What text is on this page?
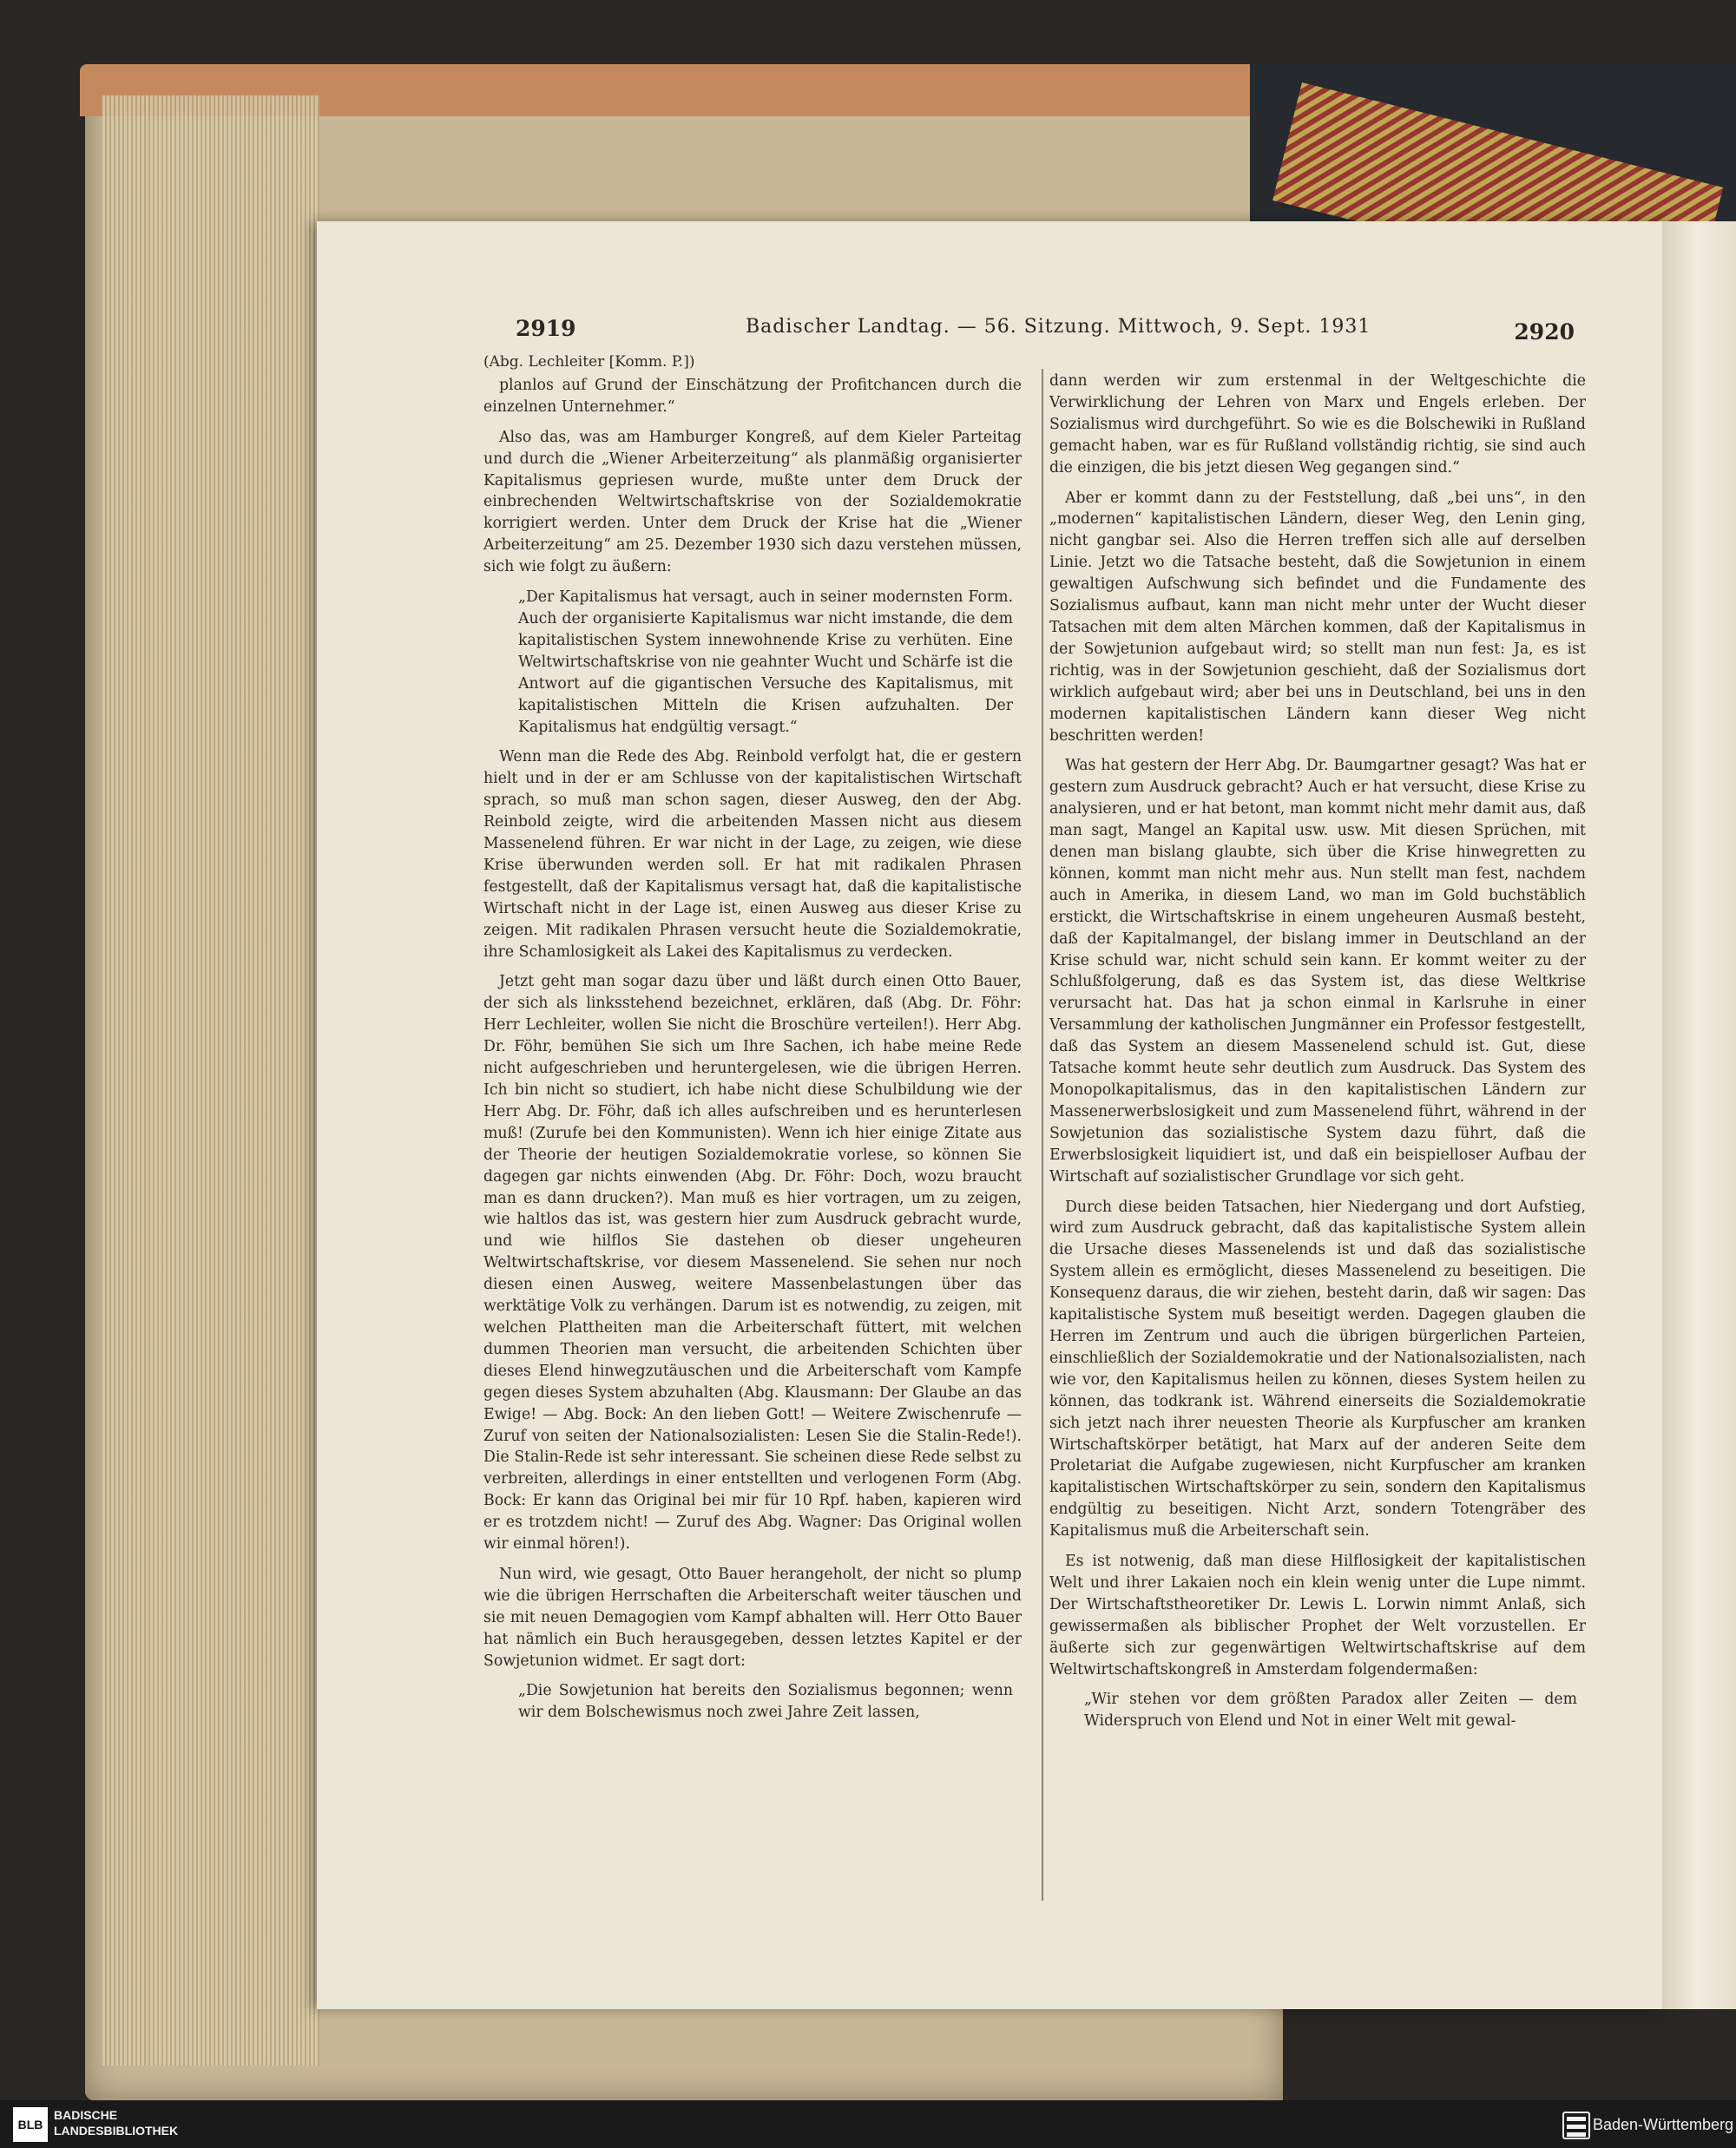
2919	Badischer Landtag. — 56. Sitzung. Mittwoch, 9. Sept. 1931	2920

(Abg. Lechleiter [Komm. P.])

planlos auf Grund der Einschätzung der Profitchancen durch die einzelnen Unternehmer.“

Also das, was am Hamburger Kongreß, auf dem Kieler Parteitag und durch die „Wiener Arbeiterzeitung“ als planmäßig organisierter Kapitalismus gepriesen wurde, mußte unter dem Druck der einbrechenden Weltwirtschaftskrise von der Sozialdemokratie korrigiert werden. Unter dem Druck der Krise hat die „Wiener Arbeiterzeitung“ am 25. Dezember 1930 sich dazu verstehen müssen, sich wie folgt zu äußern:

„Der Kapitalismus hat versagt, auch in seiner modernsten Form. Auch der organisierte Kapitalismus war nicht imstande, die dem kapitalistischen System innewohnende Krise zu verhüten. Eine Weltwirtschaftskrise von nie geahnter Wucht und Schärfe ist die Antwort auf die gigantischen Versuche des Kapitalismus, mit kapitalistischen Mitteln die Krisen aufzuhalten. Der Kapitalismus hat endgültig versagt.“

Wenn man die Rede des Abg. Reinbold verfolgt hat, die er gestern hielt und in der er am Schlusse von der kapitalistischen Wirtschaft sprach, so muß man schon sagen, dieser Ausweg, den der Abg. Reinbold zeigte, wird die arbeitenden Massen nicht aus diesem Massenelend führen. Er war nicht in der Lage, zu zeigen, wie diese Krise überwunden werden soll. Er hat mit radikalen Phrasen festgestellt, daß der Kapitalismus versagt hat, daß die kapitalistische Wirtschaft nicht in der Lage ist, einen Ausweg aus dieser Krise zu zeigen. Mit radikalen Phrasen versucht heute die Sozialdemokratie, ihre Schamlosigkeit als Lakei des Kapitalismus zu verdecken.

Jetzt geht man sogar dazu über und läßt durch einen Otto Bauer, der sich als linksstehend bezeichnet, erklären, daß (Abg. Dr. Föhr: Herr Lechleiter, wollen Sie nicht die Broschüre verteilen!). Herr Abg. Dr. Föhr, bemühen Sie sich um Ihre Sachen, ich habe meine Rede nicht aufgeschrieben und heruntergelesen, wie die übrigen Herren. Ich bin nicht so studiert, ich habe nicht diese Schulbildung wie der Herr Abg. Dr. Föhr, daß ich alles aufschreiben und es herunterlesen muß! (Zurufe bei den Kommunisten). Wenn ich hier einige Zitate aus der Theorie der heutigen Sozialdemokratie vorlese, so können Sie dagegen gar nichts einwenden (Abg. Dr. Föhr: Doch, wozu braucht man es dann drucken?). Man muß es hier vortragen, um zu zeigen, wie haltlos das ist, was gestern hier zum Ausdruck gebracht wurde, und wie hilflos Sie dastehen ob dieser ungeheuren Weltwirtschaftskrise, vor diesem Massenelend. Sie sehen nur noch diesen einen Ausweg, weitere Massenbelastungen über das werktätige Volk zu verhängen. Darum ist es notwendig, zu zeigen, mit welchen Plattheiten man die Arbeiterschaft füttert, mit welchen dummen Theorien man versucht, die arbeitenden Schichten über dieses Elend hinwegzutäuschen und die Arbeiterschaft vom Kampfe gegen dieses System abzuhalten (Abg. Klausmann: Der Glaube an das Ewige! — Abg. Bock: An den lieben Gott! — Weitere Zwischenrufe — Zuruf von seiten der Nationalsozialisten: Lesen Sie die Stalin-Rede!). Die Stalin-Rede ist sehr interessant. Sie scheinen diese Rede selbst zu verbreiten, allerdings in einer entstellten und verlogenen Form (Abg. Bock: Er kann das Original bei mir für 10 Rpf. haben, kapieren wird er es trotzdem nicht! — Zuruf des Abg. Wagner: Das Original wollen wir einmal hören!).

Nun wird, wie gesagt, Otto Bauer herangeholt, der nicht so plump wie die übrigen Herrschaften die Arbeiterschaft weiter täuschen und sie mit neuen Demagogien vom Kampf abhalten will. Herr Otto Bauer hat nämlich ein Buch herausgegeben, dessen letztes Kapitel er der Sowjetunion widmet. Er sagt dort:

„Die Sowjetunion hat bereits den Sozialismus begonnen; wenn wir dem Bolschewismus noch zwei Jahre Zeit lassen,

dann werden wir zum erstenmal in der Weltgeschichte die Verwirklichung der Lehren von Marx und Engels erleben. Der Sozialismus wird durchgeführt. So wie es die Bolschewiki in Rußland gemacht haben, war es für Rußland vollständig richtig, sie sind auch die einzigen, die bis jetzt diesen Weg gegangen sind.“

Aber er kommt dann zu der Feststellung, daß „bei uns“, in den „modernen“ kapitalistischen Ländern, dieser Weg, den Lenin ging, nicht gangbar sei. Also die Herren treffen sich alle auf derselben Linie. Jetzt wo die Tatsache besteht, daß die Sowjetunion in einem gewaltigen Aufschwung sich befindet und die Fundamente des Sozialismus aufbaut, kann man nicht mehr unter der Wucht dieser Tatsachen mit dem alten Märchen kommen, daß der Kapitalismus in der Sowjetunion aufgebaut wird; so stellt man nun fest: Ja, es ist richtig, was in der Sowjetunion geschieht, daß der Sozialismus dort wirklich aufgebaut wird; aber bei uns in Deutschland, bei uns in den modernen kapitalistischen Ländern kann dieser Weg nicht beschritten werden!

Was hat gestern der Herr Abg. Dr. Baumgartner gesagt? Was hat er gestern zum Ausdruck gebracht? Auch er hat versucht, diese Krise zu analysieren, und er hat betont, man kommt nicht mehr damit aus, daß man sagt, Mangel an Kapital usw. usw. Mit diesen Sprüchen, mit denen man bislang glaubte, sich über die Krise hinwegretten zu können, kommt man nicht mehr aus. Nun stellt man fest, nachdem auch in Amerika, in diesem Land, wo man im Gold buchstäblich erstickt, die Wirtschaftskrise in einem ungeheuren Ausmaß besteht, daß der Kapitalmangel, der bislang immer in Deutschland an der Krise schuld war, nicht schuld sein kann. Er kommt weiter zu der Schlußfolgerung, daß es das System ist, das diese Weltkrise verursacht hat. Das hat ja schon einmal in Karlsruhe in einer Versammlung der katholischen Jungmänner ein Professor festgestellt, daß das System an diesem Massenelend schuld ist. Gut, diese Tatsache kommt heute sehr deutlich zum Ausdruck. Das System des Monopolkapitalismus, das in den kapitalistischen Ländern zur Massenerwerbslosigkeit und zum Massenelend führt, während in der Sowjetunion das sozialistische System dazu führt, daß die Erwerbslosigkeit liquidiert ist, und daß ein beispielloser Aufbau der Wirtschaft auf sozialistischer Grundlage vor sich geht.

Durch diese beiden Tatsachen, hier Niedergang und dort Aufstieg, wird zum Ausdruck gebracht, daß das kapitalistische System allein die Ursache dieses Massenelends ist und daß das sozialistische System allein es ermöglicht, dieses Massenelend zu beseitigen. Die Konsequenz daraus, die wir ziehen, besteht darin, daß wir sagen: Das kapitalistische System muß beseitigt werden. Dagegen glauben die Herren im Zentrum und auch die übrigen bürgerlichen Parteien, einschließlich der Sozialdemokratie und der Nationalsozialisten, nach wie vor, den Kapitalismus heilen zu können, dieses System heilen zu können, das todkrank ist. Während einerseits die Sozialdemokratie sich jetzt nach ihrer neuesten Theorie als Kurpfuscher am kranken Wirtschaftskörper betätigt, hat Marx auf der anderen Seite dem Proletariat die Aufgabe zugewiesen, nicht Kurpfuscher am kranken kapitalistischen Wirtschaftskörper zu sein, sondern den Kapitalismus endgültig zu beseitigen. Nicht Arzt, sondern Totengräber des Kapitalismus muß die Arbeiterschaft sein.

Es ist notwenig, daß man diese Hilflosigkeit der kapitalistischen Welt und ihrer Lakaien noch ein klein wenig unter die Lupe nimmt. Der Wirtschaftstheoretiker Dr. Lewis L. Lorwin nimmt Anlaß, sich gewissermaßen als biblischer Prophet der Welt vorzustellen. Er äußerte sich zur gegenwärtigen Weltwirtschaftskrise auf dem Weltwirtschaftskongreß in Amsterdam folgendermaßen:

„Wir stehen vor dem größten Paradox aller Zeiten — dem Widerspruch von Elend und Not in einer Welt mit gewal-

BLB
BADISCHE
LANDESBIBLIOTHEK	Baden-Württemberg
